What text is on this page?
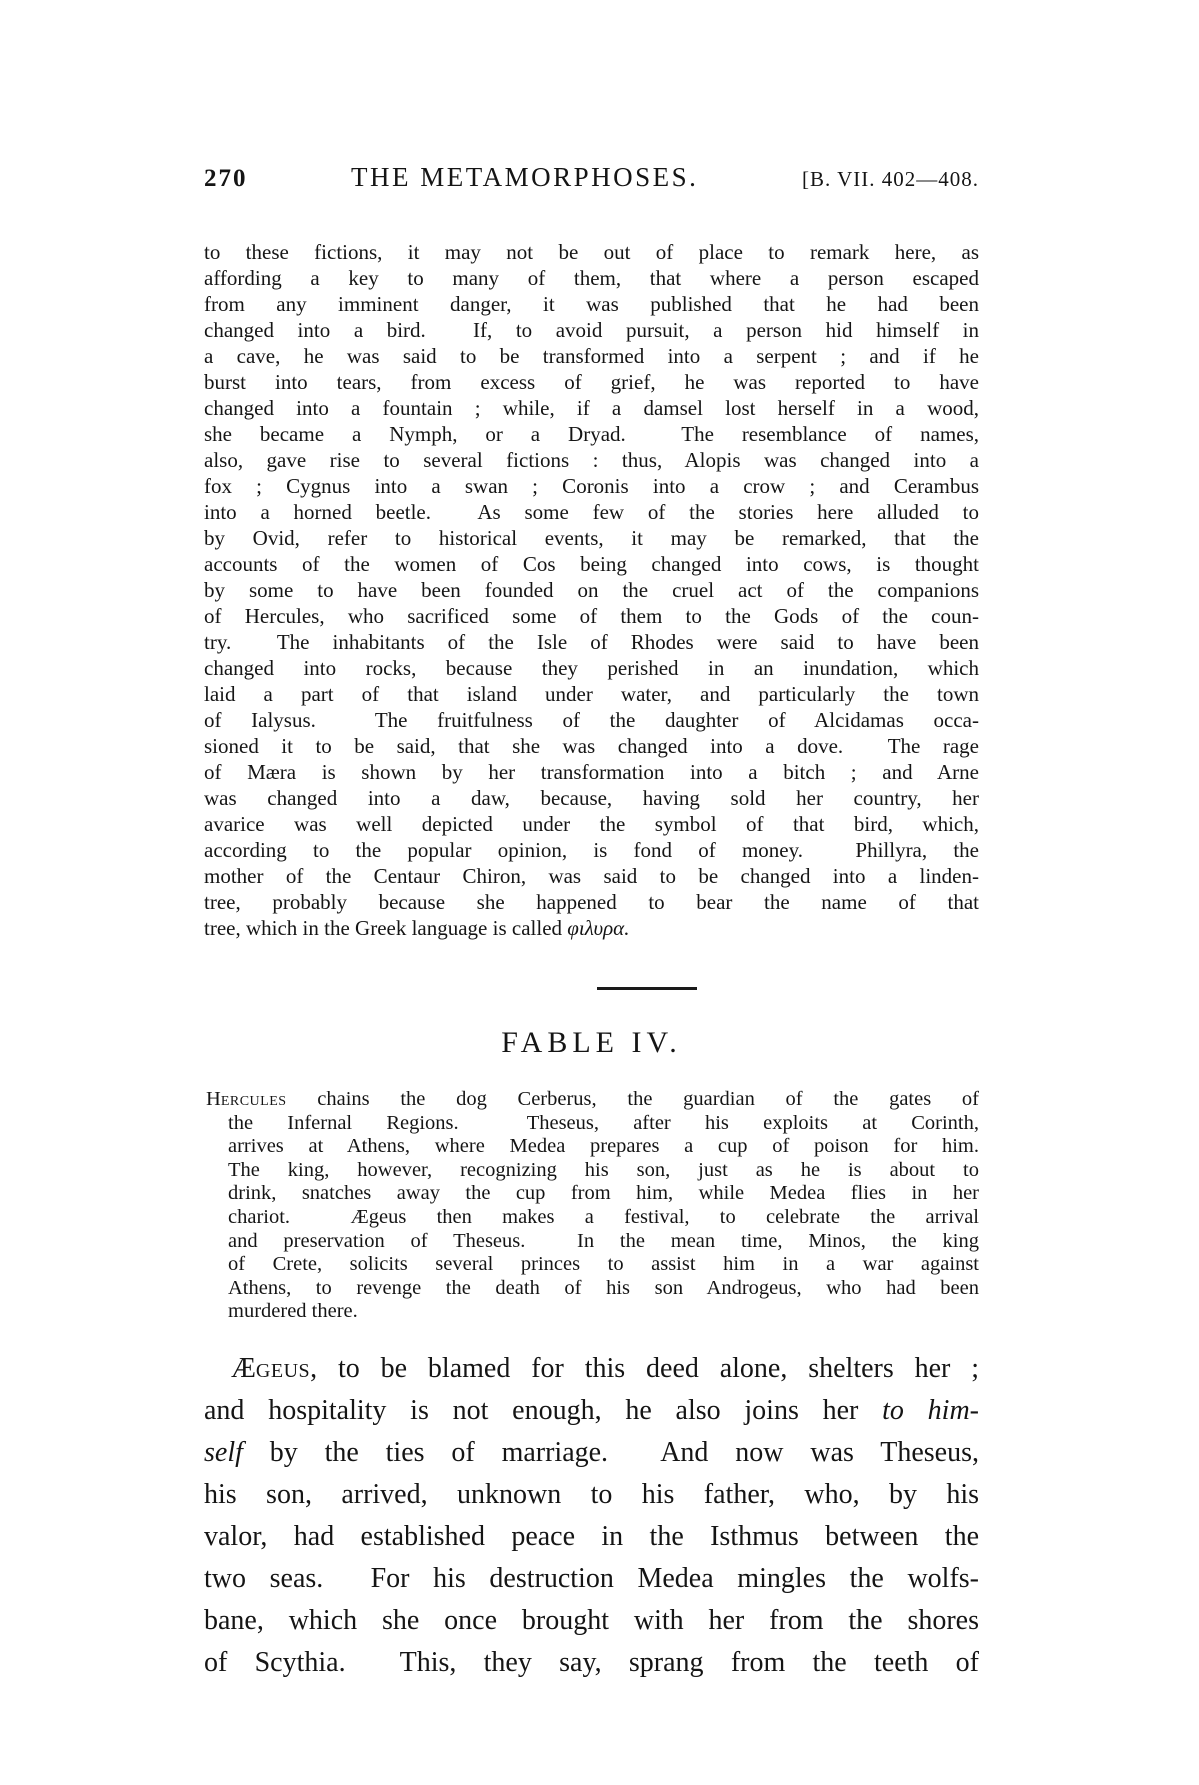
270	THE METAMORPHOSES.	[B. VII. 402—408.
to these fictions, it may not be out of place to remark here, as
affording a key to many of them, that where a person escaped
from any imminent danger, it was published that he had been
changed into a bird.  If, to avoid pursuit, a person hid himself in
a cave, he was said to be transformed into a serpent ; and if he
burst into tears, from excess of grief, he was reported to have
changed into a fountain ; while, if a damsel lost herself in a wood,
she became a Nymph, or a Dryad.  The resemblance of names,
also, gave rise to several fictions : thus, Alopis was changed into a
fox ; Cygnus into a swan ; Coronis into a crow ; and Cerambus
into a horned beetle.  As some few of the stories here alluded to
by Ovid, refer to historical events, it may be remarked, that the
accounts of the women of Cos being changed into cows, is thought
by some to have been founded on the cruel act of the companions
of Hercules, who sacrificed some of them to the Gods of the coun-
try.  The inhabitants of the Isle of Rhodes were said to have been
changed into rocks, because they perished in an inundation, which
laid a part of that island under water, and particularly the town
of Ialysus.  The fruitfulness of the daughter of Alcidamas occa-
sioned it to be said, that she was changed into a dove.  The rage
of Mæra is shown by her transformation into a bitch ; and Arne
was changed into a daw, because, having sold her country, her
avarice was well depicted under the symbol of that bird, which,
according to the popular opinion, is fond of money.  Phillyra, the
mother of the Centaur Chiron, was said to be changed into a linden-
tree, probably because she happened to bear the name of that
tree, which in the Greek language is called φιλυρα.
FABLE IV.
Hercules chains the dog Cerberus, the guardian of the gates of
the Infernal Regions.  Theseus, after his exploits at Corinth,
arrives at Athens, where Medea prepares a cup of poison for him.
The king, however, recognizing his son, just as he is about to
drink, snatches away the cup from him, while Medea flies in her
chariot.  Ægeus then makes a festival, to celebrate the arrival
and preservation of Theseus.  In the mean time, Minos, the king
of Crete, solicits several princes to assist him in a war against
Athens, to revenge the death of his son Androgeus, who had been
murdered there.
Ægeus, to be blamed for this deed alone, shelters her ;
and hospitality is not enough, he also joins her to him-
self by the ties of marriage.  And now was Theseus,
his son, arrived, unknown to his father, who, by his
valor, had established peace in the Isthmus between the
two seas.  For his destruction Medea mingles the wolfs-
bane, which she once brought with her from the shores
of Scythia.  This, they say, sprang from the teeth of
